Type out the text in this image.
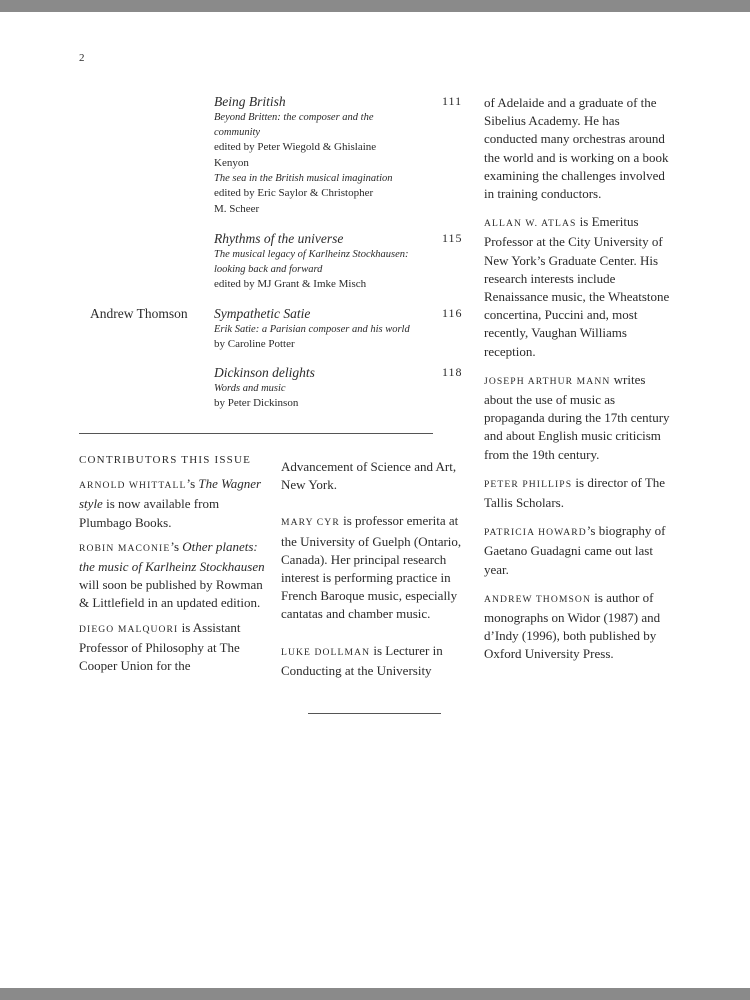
2
Being British	111
Beyond Britten: the composer and the
community
edited by Peter Wiegold & Ghislaine
Kenyon
The sea in the British musical imagination
edited by Eric Saylor & Christopher
M. Scheer
Rhythms of the universe	115
The musical legacy of Karlheinz Stockhausen:
looking back and forward
edited by MJ Grant & Imke Misch
Andrew Thomson Sympathetic Satie	116
Erik Satie: a Parisian composer and his world
by Caroline Potter
Dickinson delights	118
Words and music
by Peter Dickinson

CONTRIBUTORS THIS ISSUE

ARNOLD WHITTALL’s The Wagner style is now available from Plumbago Books.

ROBIN MACONIE’s Other planets: the music of Karlheinz Stockhausen will soon be published by Rowman & Littlefield in an updated edition.

DIEGO MALQUORI is Assistant Professor of Philosophy at The Cooper Union for the

Advancement of Science and Art, New York.

MARY CYR is professor emerita at the University of Guelph (Ontario, Canada). Her principal research interest is performing practice in French Baroque music, especially cantatas and chamber music.

LUKE DOLLMAN is Lecturer in Conducting at the University

of Adelaide and a graduate of the Sibelius Academy. He has conducted many orchestras around the world and is working on a book examining the challenges involved in training conductors.

ALLAN W. ATLAS is Emeritus Professor at the City University of New York’s Graduate Center. His research interests include Renaissance music, the Wheatstone concertina, Puccini and, most recently, Vaughan Williams reception.

JOSEPH ARTHUR MANN writes about the use of music as propaganda during the 17th century and about English music criticism from the 19th century.

PETER PHILLIPS is director of The Tallis Scholars.

PATRICIA HOWARD’s biography of Gaetano Guadagni came out last year.

ANDREW THOMSON is author of monographs on Widor (1987) and d’Indy (1996), both published by Oxford University Press.
